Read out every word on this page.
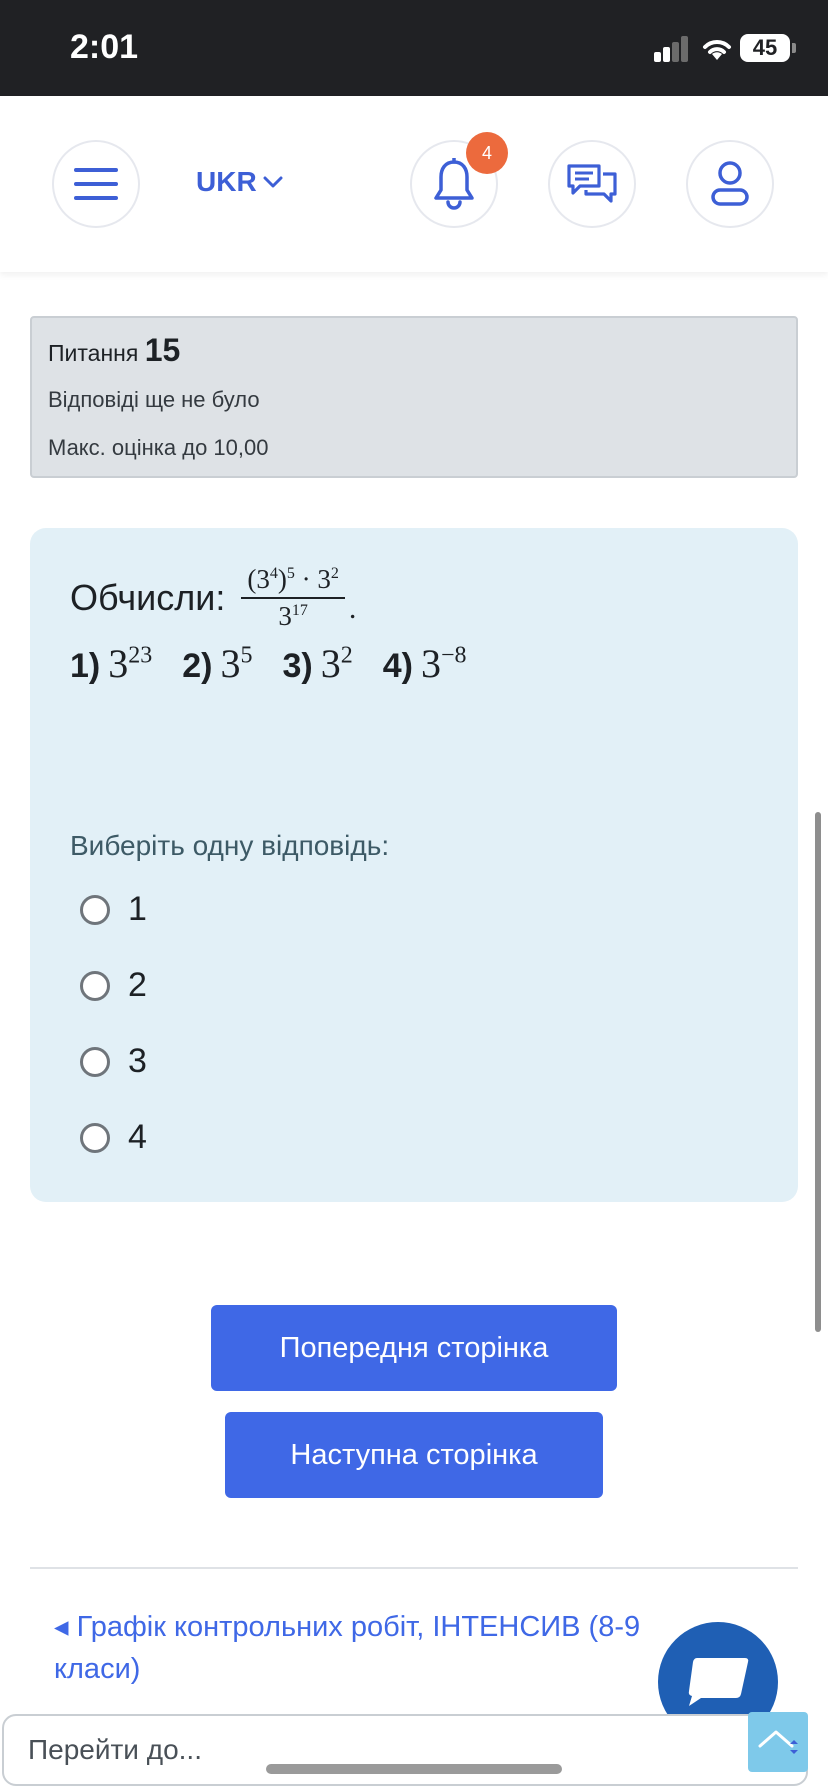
2:01	45
UKR
4
Питання 15
Відповіді ще не було
Макс. оцінка до 10,00
Обчисли: $\frac{(3^4)^5 \cdot 3^2}{3^{17}}$ .
1) $3^{23}$ 2) $3^5$ 3) $3^2$ 4) $3^{-8}$
Виберіть одну відповідь:
1
2
3
4
Попередня сторінка
Наступна сторінка
◂ Графік контрольних робіт, ІНТЕНСИВ (8-9 класи)
Перейти до...
